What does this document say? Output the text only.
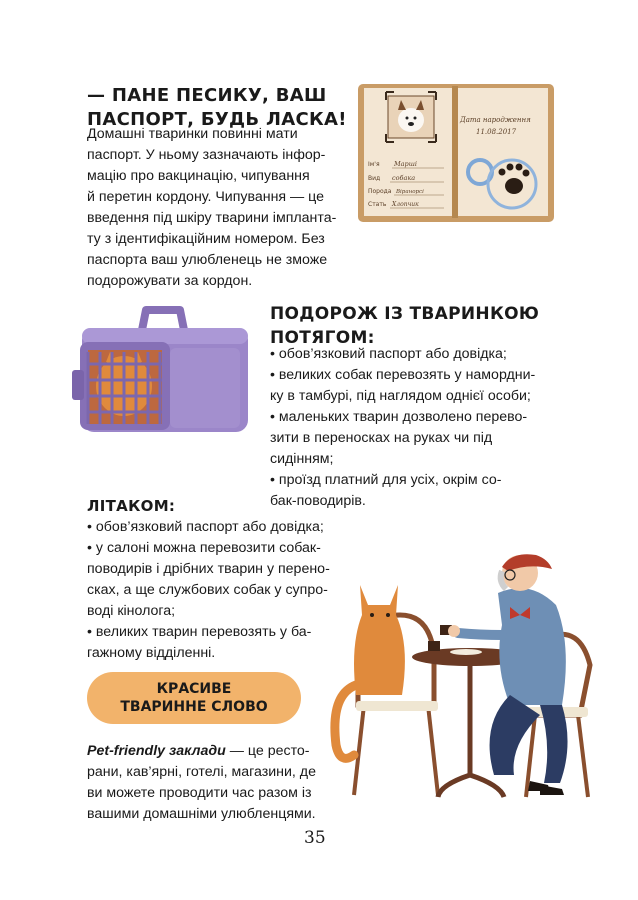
— ПАНЕ ПЕСИКУ, ВАШ
ПАСПОРТ, БУДЬ ЛАСКА!
Домашні тваринки повинні мати
паспорт. У ньому зазначають інфор-
мацію про вакцинацію, чипування
й перетин кордону. Чипування — це
введення під шкіру тварини імпланта-
ту з ідентифікаційним номером. Без
паспорта ваш улюбленець не зможе
подорожувати за кордон.
Ім'я Марші
Вид собака
Порода Віранорсі
Стать Хлопчик
Дата народження
11.08.2017
ПОДОРОЖ ІЗ ТВАРИНКОЮ
ПОТЯГОМ:
• обов’язковий паспорт або довідка;
• великих собак перевозять у намордни-
ку в тамбурі, під наглядом однієї особи;
• маленьких тварин дозволено перево-
зити в переносках на руках чи під
сидінням;
• проїзд платний для усіх, окрім со-
бак-поводирів.
ЛІТАКОМ:
• обов’язковий паспорт або довідка;
• у салоні можна перевозити собак-
поводирів і дрібних тварин у перено-
сках, а ще службових собак у супро-
воді кінолога;
• великих тварин перевозять у ба-
гажному відділенні.
КРАСИВЕ
ТВАРИННЕ СЛОВО
Pet-friendly заклади — це ресто-
рани, кав’ярні, готелі, магазини, де
ви можете проводити час разом із
вашими домашніми улюбленцями.
35
